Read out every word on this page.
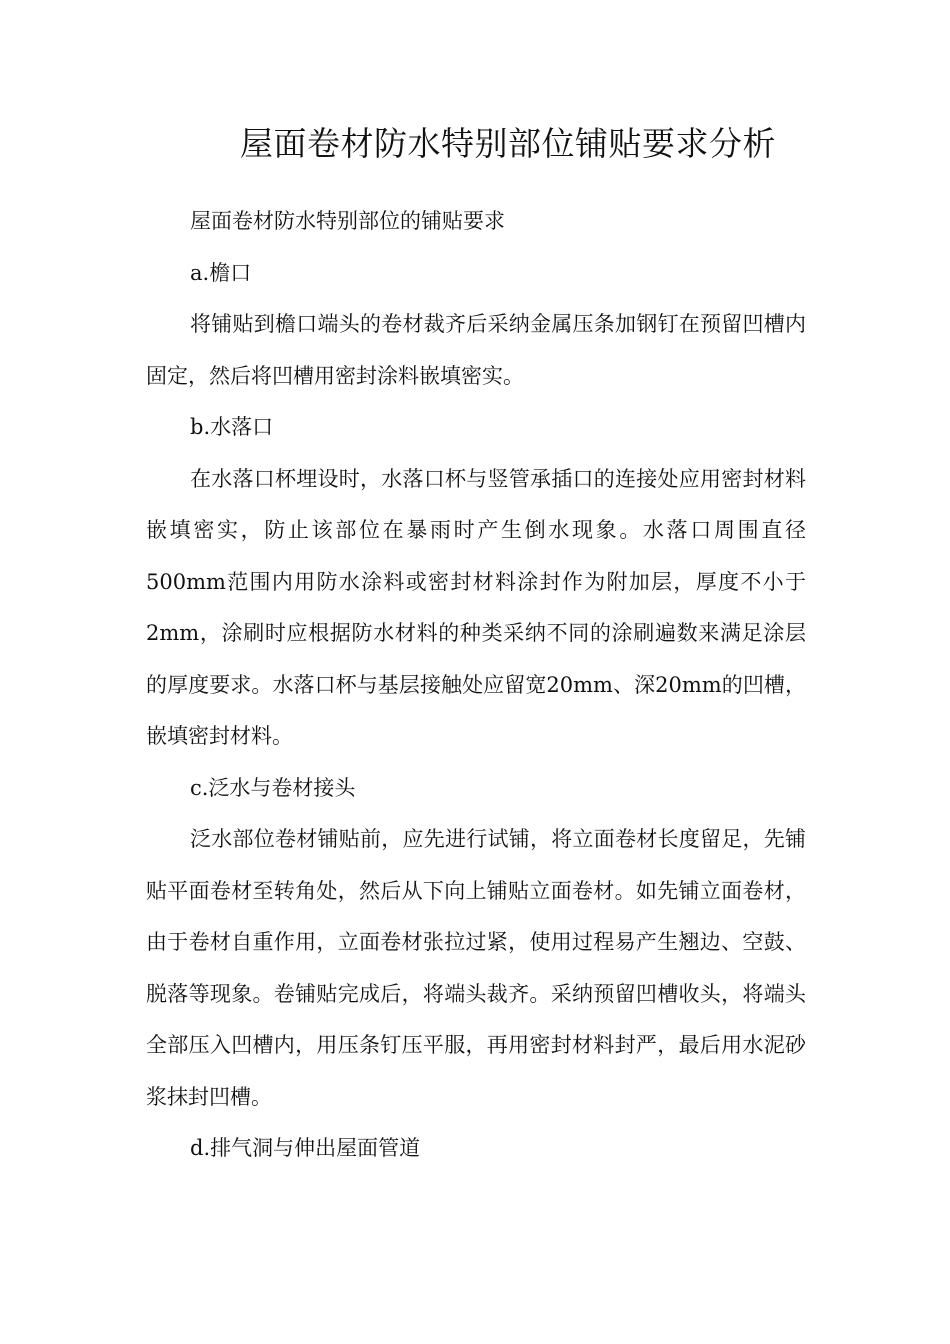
屋面卷材防水特别部位铺贴要求分析

屋面卷材防水特别部位的铺贴要求

a.檐口

将铺贴到檐口端头的卷材裁齐后采纳金属压条加钢钉在预留凹槽内固定，然后将凹槽用密封涂料嵌填密实。

b.水落口

在水落口杯埋设时，水落口杯与竖管承插口的连接处应用密封材料嵌填密实，防止该部位在暴雨时产生倒水现象。水落口周围直径500mm范围内用防水涂料或密封材料涂封作为附加层，厚度不小于2mm，涂刷时应根据防水材料的种类采纳不同的涂刷遍数来满足涂层的厚度要求。水落口杯与基层接触处应留宽20mm、深20mm的凹槽，嵌填密封材料。

c.泛水与卷材接头

泛水部位卷材铺贴前，应先进行试铺，将立面卷材长度留足，先铺贴平面卷材至转角处，然后从下向上铺贴立面卷材。如先铺立面卷材，由于卷材自重作用，立面卷材张拉过紧，使用过程易产生翘边、空鼓、脱落等现象。卷铺贴完成后，将端头裁齐。采纳预留凹槽收头，将端头全部压入凹槽内，用压条钉压平服，再用密封材料封严，最后用水泥砂浆抹封凹槽。

d.排气洞与伸出屋面管道
